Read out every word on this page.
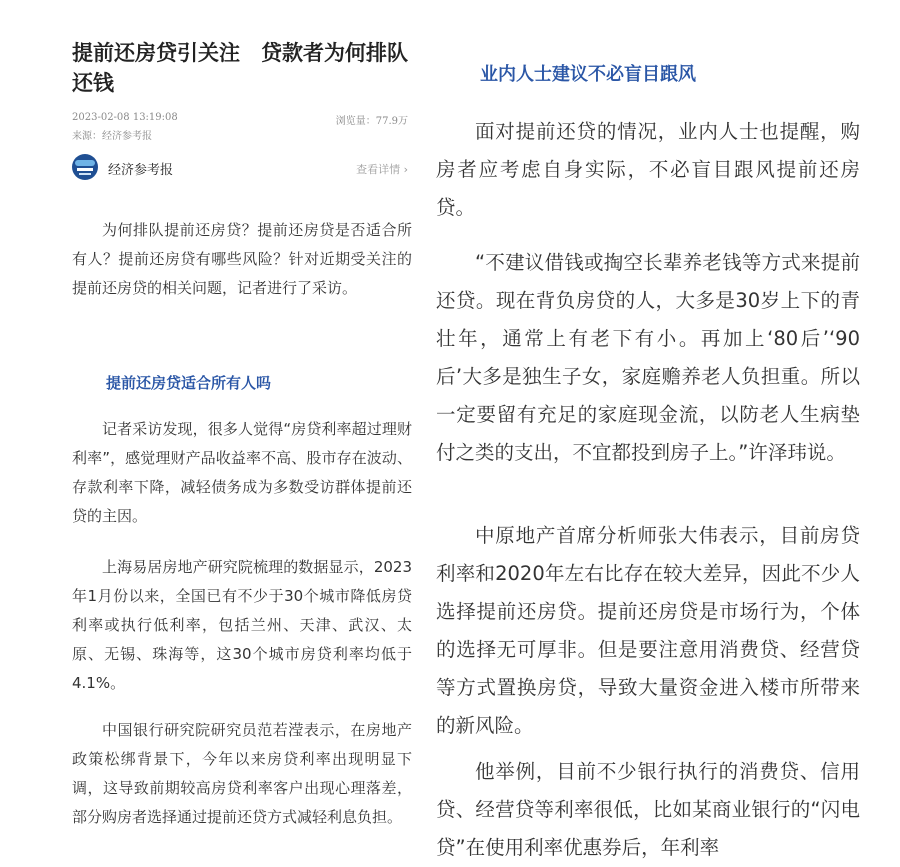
提前还房贷引关注　贷款者为何排队还钱
2023-02-08 13:19:08
来源：经济参考报
浏览量：77.9万
经济参考报	查看详情 ›

为何排队提前还房贷？提前还房贷是否适合所有人？提前还房贷有哪些风险？针对近期受关注的提前还房贷的相关问题，记者进行了采访。

提前还房贷适合所有人吗

记者采访发现，很多人觉得“房贷利率超过理财利率”，感觉理财产品收益率不高、股市存在波动、存款利率下降，减轻债务成为多数受访群体提前还贷的主因。

上海易居房地产研究院梳理的数据显示，2023年1月份以来，全国已有不少于30个城市降低房贷利率或执行低利率，包括兰州、天津、武汉、太原、无锡、珠海等，这30个城市房贷利率均低于4.1%。

中国银行研究院研究员范若滢表示，在房地产政策松绑背景下，今年以来房贷利率出现明显下调，这导致前期较高房贷利率客户出现心理落差，部分购房者选择通过提前还贷方式减轻利息负担。

业内人士建议不必盲目跟风

面对提前还贷的情况，业内人士也提醒，购房者应考虑自身实际，不必盲目跟风提前还房贷。

“不建议借钱或掏空长辈养老钱等方式来提前还贷。现在背负房贷的人，大多是30岁上下的青壮年，通常上有老下有小。再加上‘80后’‘90后’大多是独生子女，家庭赡养老人负担重。所以一定要留有充足的家庭现金流，以防老人生病垫付之类的支出，不宜都投到房子上。”许泽玮说。

中原地产首席分析师张大伟表示，目前房贷利率和2020年左右比存在较大差异，因此不少人选择提前还房贷。提前还房贷是市场行为，个体的选择无可厚非。但是要注意用消费贷、经营贷等方式置换房贷，导致大量资金进入楼市所带来的新风险。

他举例，目前不少银行执行的消费贷、信用贷、经营贷等利率很低，比如某商业银行的“闪电贷”在使用利率优惠券后，年利率
